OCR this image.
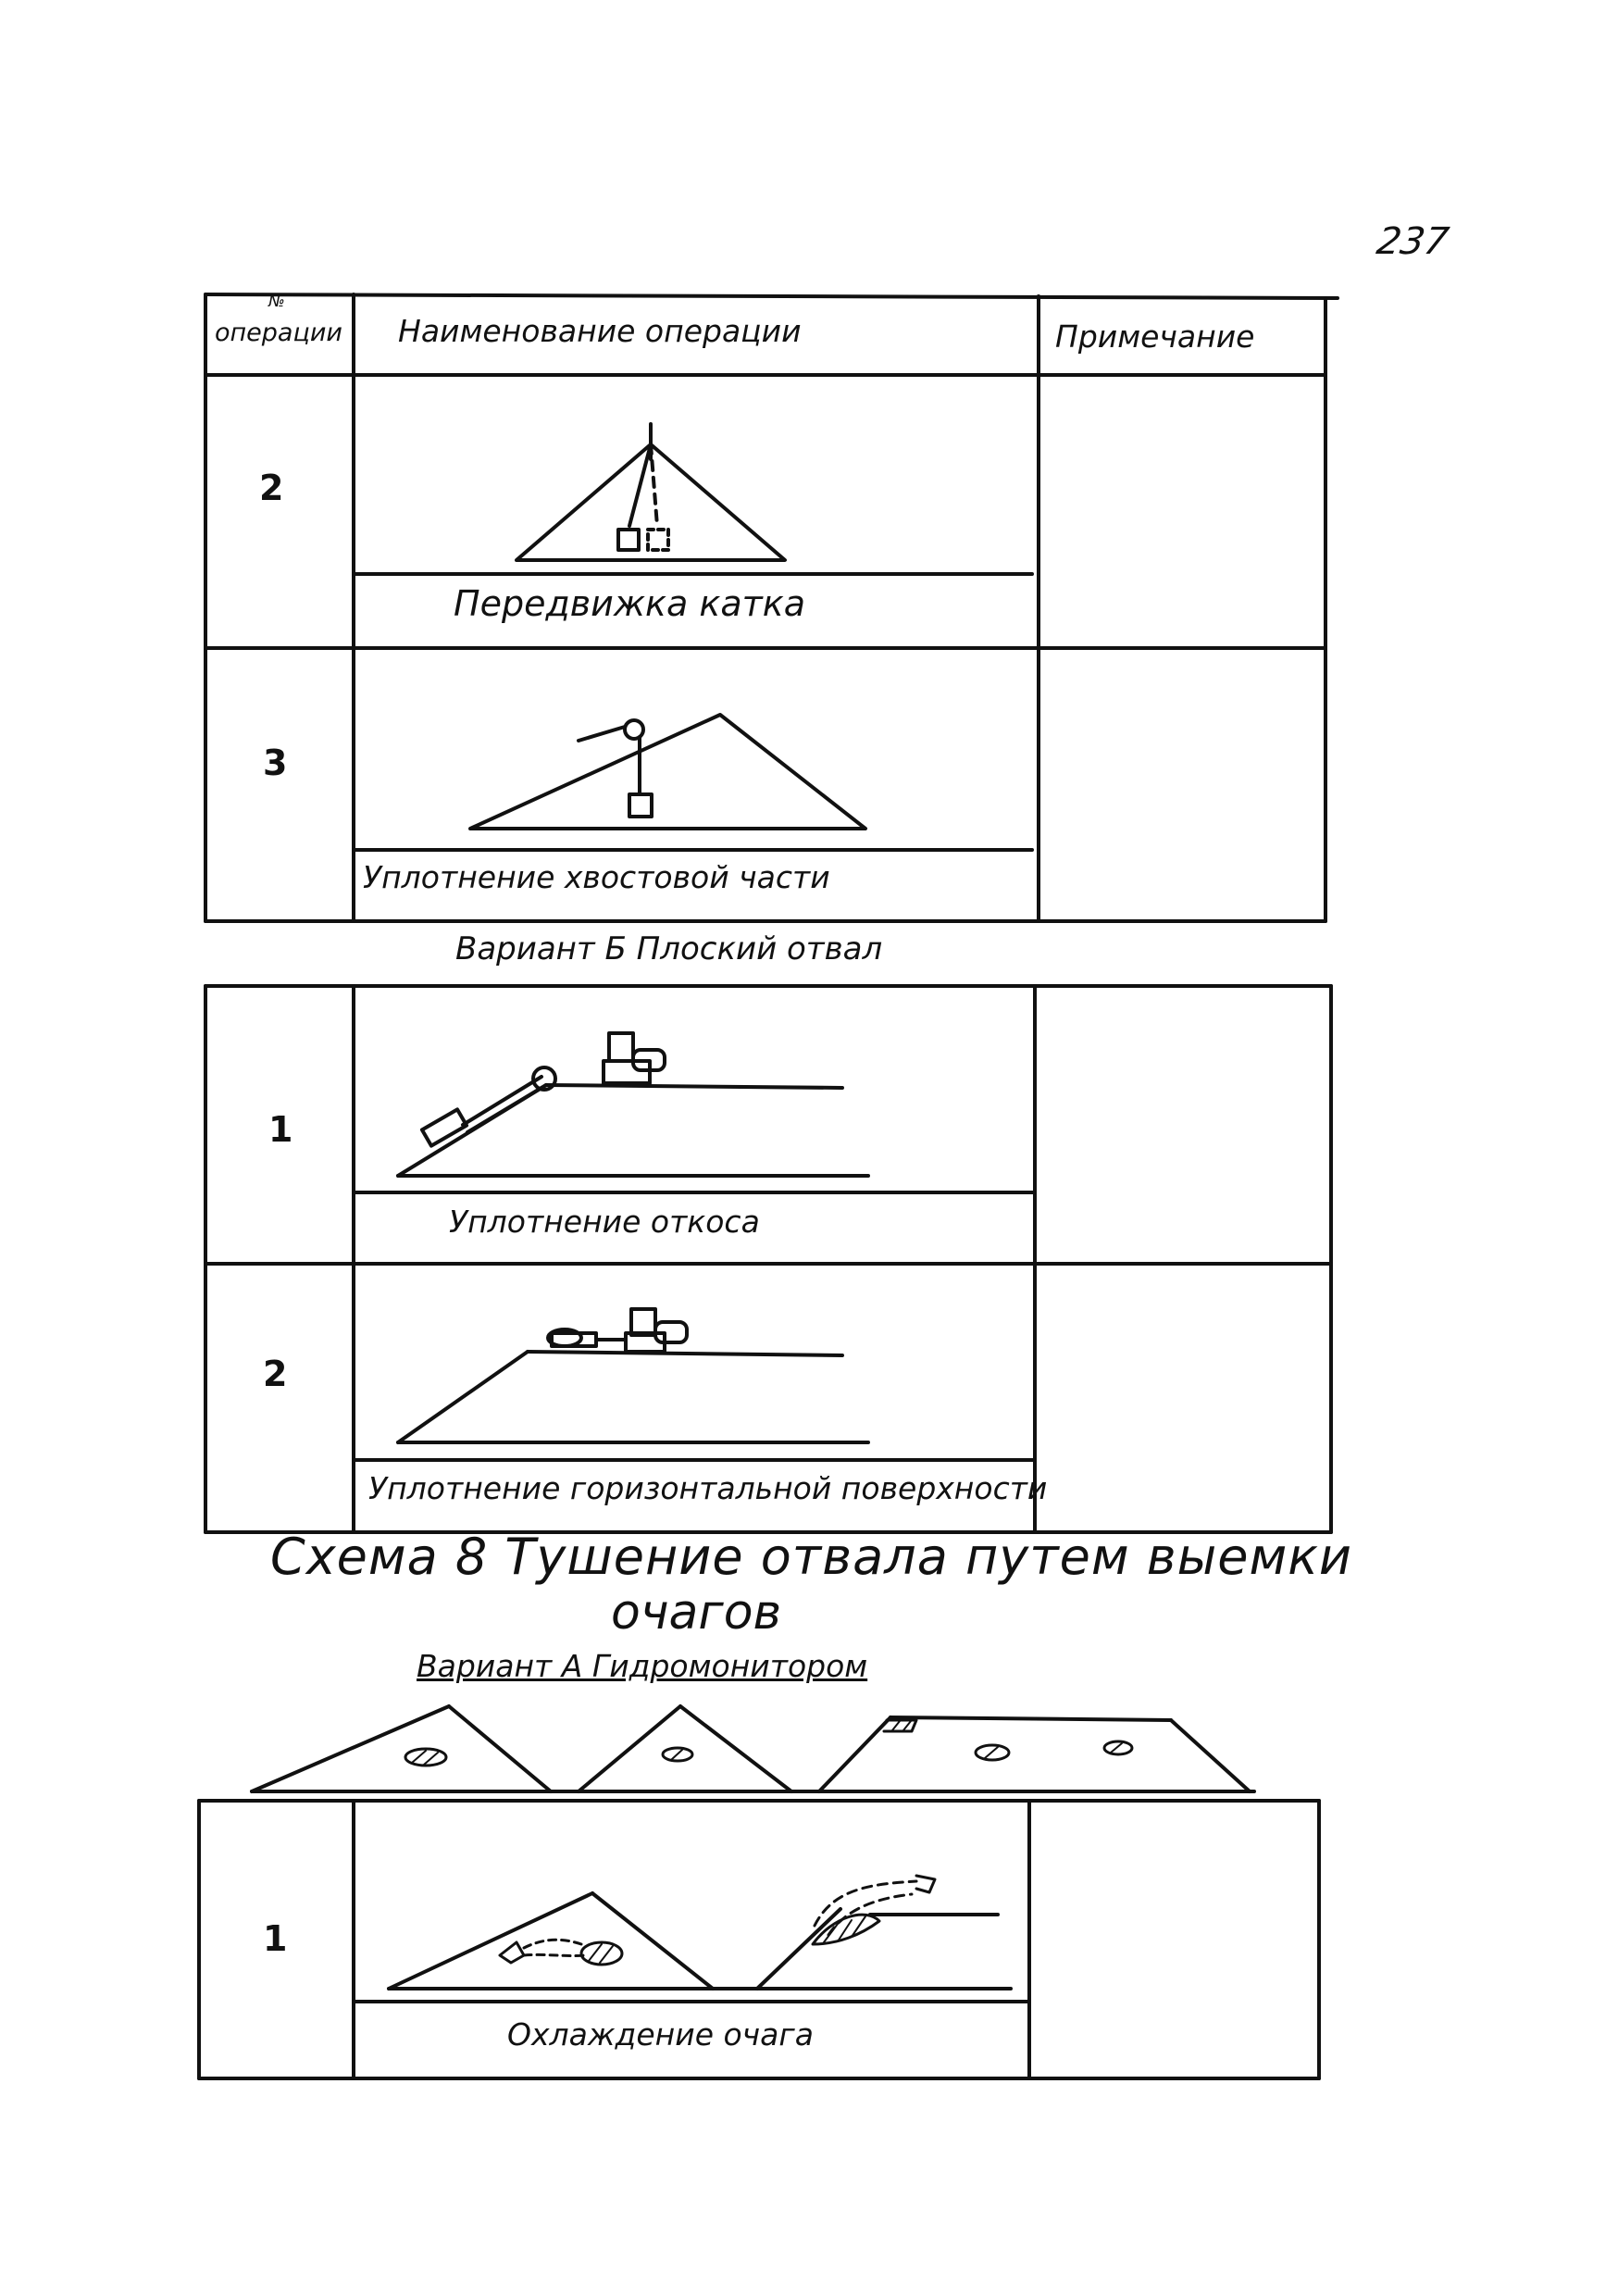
237
№
операции Наименование операции	Примечание
2
Передвижка катка
3
Уплотнение хвостовой части
Вариант Б Плоский отвал
1
Уплотнение откоса
2
Уплотнение горизонтальной поверхности
Схема 8 Тушение отвала путем выемки
очагов
Вариант А Гидромонитором
1
Охлаждение очага
